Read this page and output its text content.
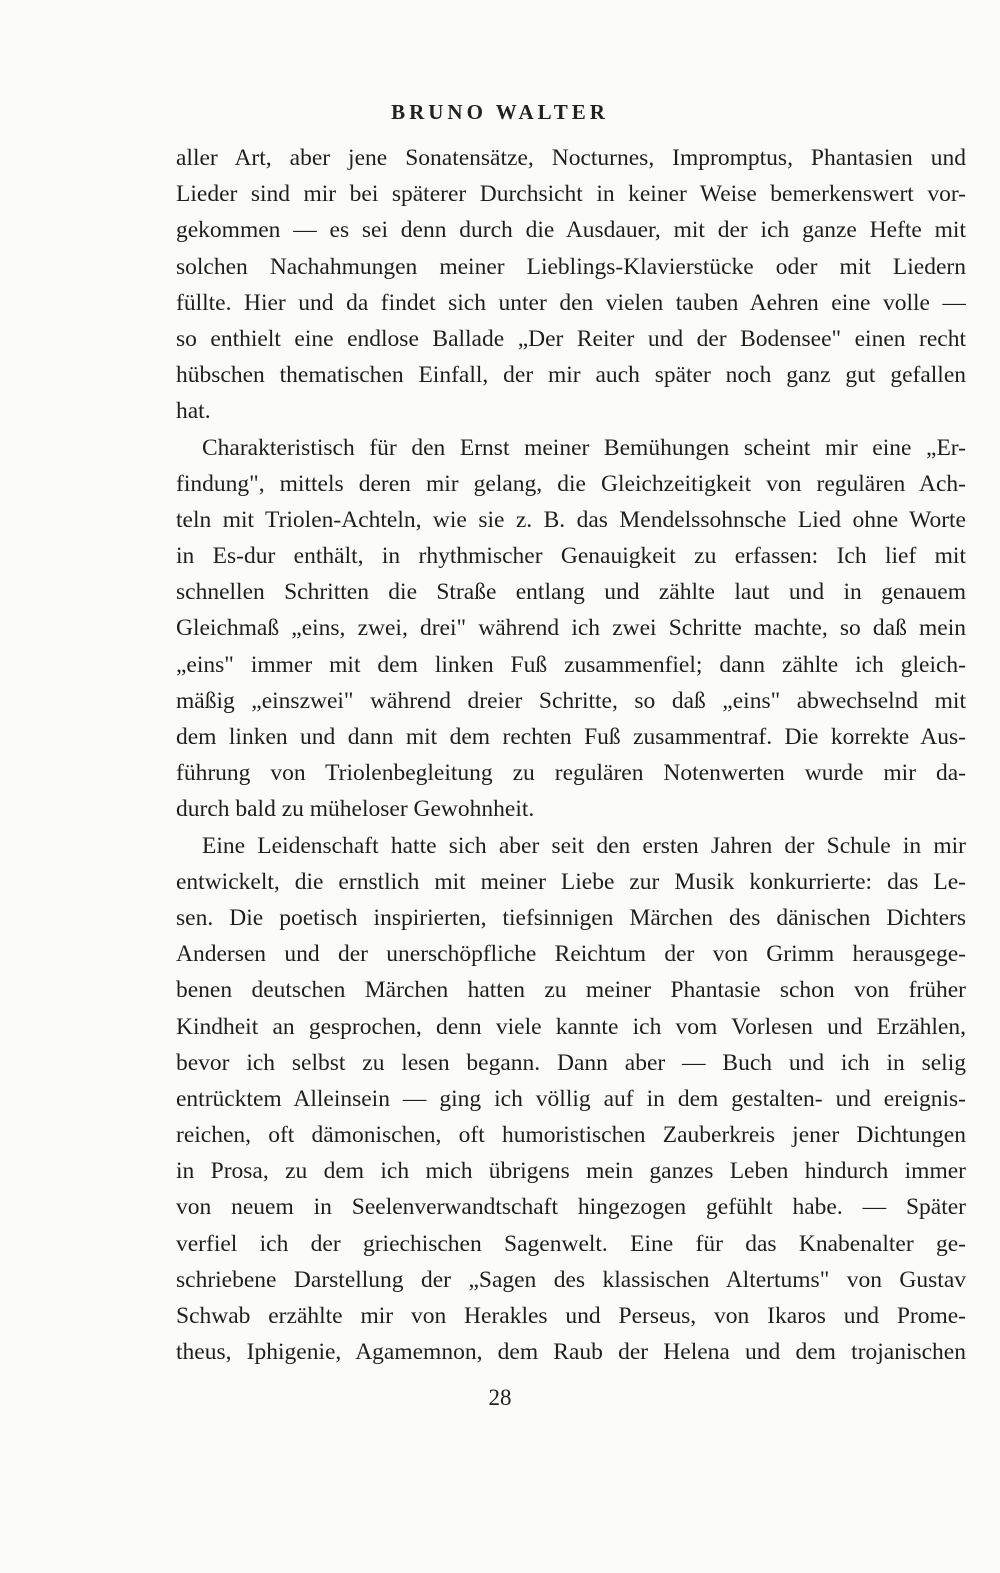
BRUNO WALTER
aller Art, aber jene Sonatensätze, Nocturnes, Impromptus, Phantasien und
Lieder sind mir bei späterer Durchsicht in keiner Weise bemerkenswert vor-
gekommen — es sei denn durch die Ausdauer, mit der ich ganze Hefte mit
solchen Nachahmungen meiner Lieblings-Klavierstücke oder mit Liedern
füllte. Hier und da findet sich unter den vielen tauben Aehren eine volle —
so enthielt eine endlose Ballade „Der Reiter und der Bodensee" einen recht
hübschen thematischen Einfall, der mir auch später noch ganz gut gefallen
hat.
Charakteristisch für den Ernst meiner Bemühungen scheint mir eine „Er-
findung", mittels deren mir gelang, die Gleichzeitigkeit von regulären Ach-
teln mit Triolen-Achteln, wie sie z. B. das Mendelssohnsche Lied ohne Worte
in Es-dur enthält, in rhythmischer Genauigkeit zu erfassen: Ich lief mit
schnellen Schritten die Straße entlang und zählte laut und in genauem
Gleichmaß „eins, zwei, drei" während ich zwei Schritte machte, so daß mein
„eins" immer mit dem linken Fuß zusammenfiel; dann zählte ich gleich-
mäßig „einszwei" während dreier Schritte, so daß „eins" abwechselnd mit
dem linken und dann mit dem rechten Fuß zusammentraf. Die korrekte Aus-
führung von Triolenbegleitung zu regulären Notenwerten wurde mir da-
durch bald zu müheloser Gewohnheit.
Eine Leidenschaft hatte sich aber seit den ersten Jahren der Schule in mir
entwickelt, die ernstlich mit meiner Liebe zur Musik konkurrierte: das Le-
sen. Die poetisch inspirierten, tiefsinnigen Märchen des dänischen Dichters
Andersen und der unerschöpfliche Reichtum der von Grimm herausgege-
benen deutschen Märchen hatten zu meiner Phantasie schon von früher
Kindheit an gesprochen, denn viele kannte ich vom Vorlesen und Erzählen,
bevor ich selbst zu lesen begann. Dann aber — Buch und ich in selig
entrücktem Alleinsein — ging ich völlig auf in dem gestalten- und ereignis-
reichen, oft dämonischen, oft humoristischen Zauberkreis jener Dichtungen
in Prosa, zu dem ich mich übrigens mein ganzes Leben hindurch immer
von neuem in Seelenverwandtschaft hingezogen gefühlt habe. — Später
verfiel ich der griechischen Sagenwelt. Eine für das Knabenalter ge-
schriebene Darstellung der „Sagen des klassischen Altertums" von Gustav
Schwab erzählte mir von Herakles und Perseus, von Ikaros und Prome-
theus, Iphigenie, Agamemnon, dem Raub der Helena und dem trojanischen
28
